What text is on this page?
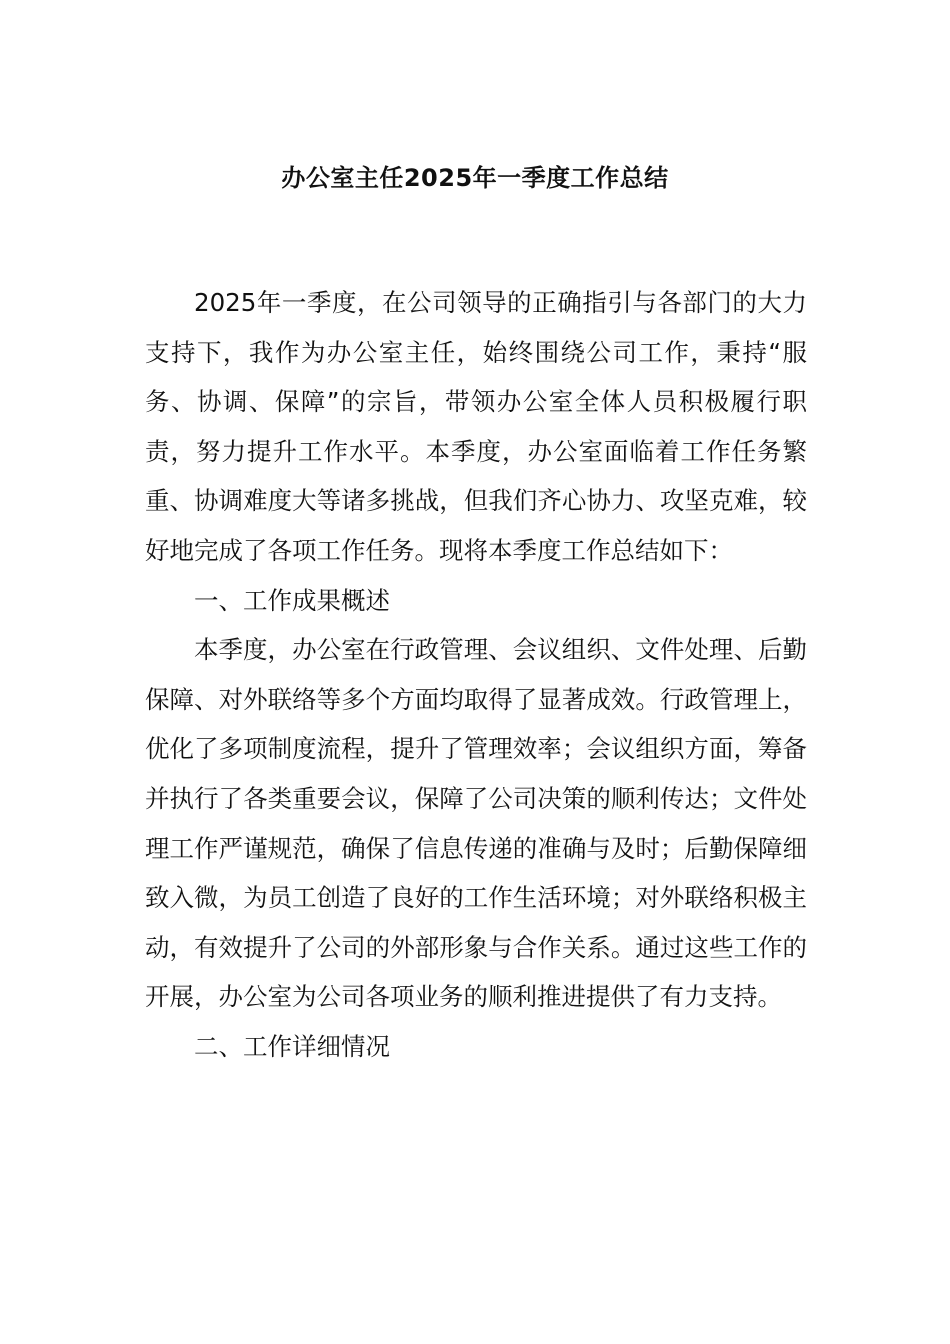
办公室主任2025年一季度工作总结

2025年一季度，在公司领导的正确指引与各部门的大力支持下，我作为办公室主任，始终围绕公司工作，秉持“服务、协调、保障”的宗旨，带领办公室全体人员积极履行职责，努力提升工作水平。本季度，办公室面临着工作任务繁重、协调难度大等诸多挑战，但我们齐心协力、攻坚克难，较好地完成了各项工作任务。现将本季度工作总结如下：

一、工作成果概述

本季度，办公室在行政管理、会议组织、文件处理、后勤保障、对外联络等多个方面均取得了显著成效。行政管理上，优化了多项制度流程，提升了管理效率；会议组织方面，筹备并执行了各类重要会议，保障了公司决策的顺利传达；文件处理工作严谨规范，确保了信息传递的准确与及时；后勤保障细致入微，为员工创造了良好的工作生活环境；对外联络积极主动，有效提升了公司的外部形象与合作关系。通过这些工作的开展，办公室为公司各项业务的顺利推进提供了有力支持。

二、工作详细情况
